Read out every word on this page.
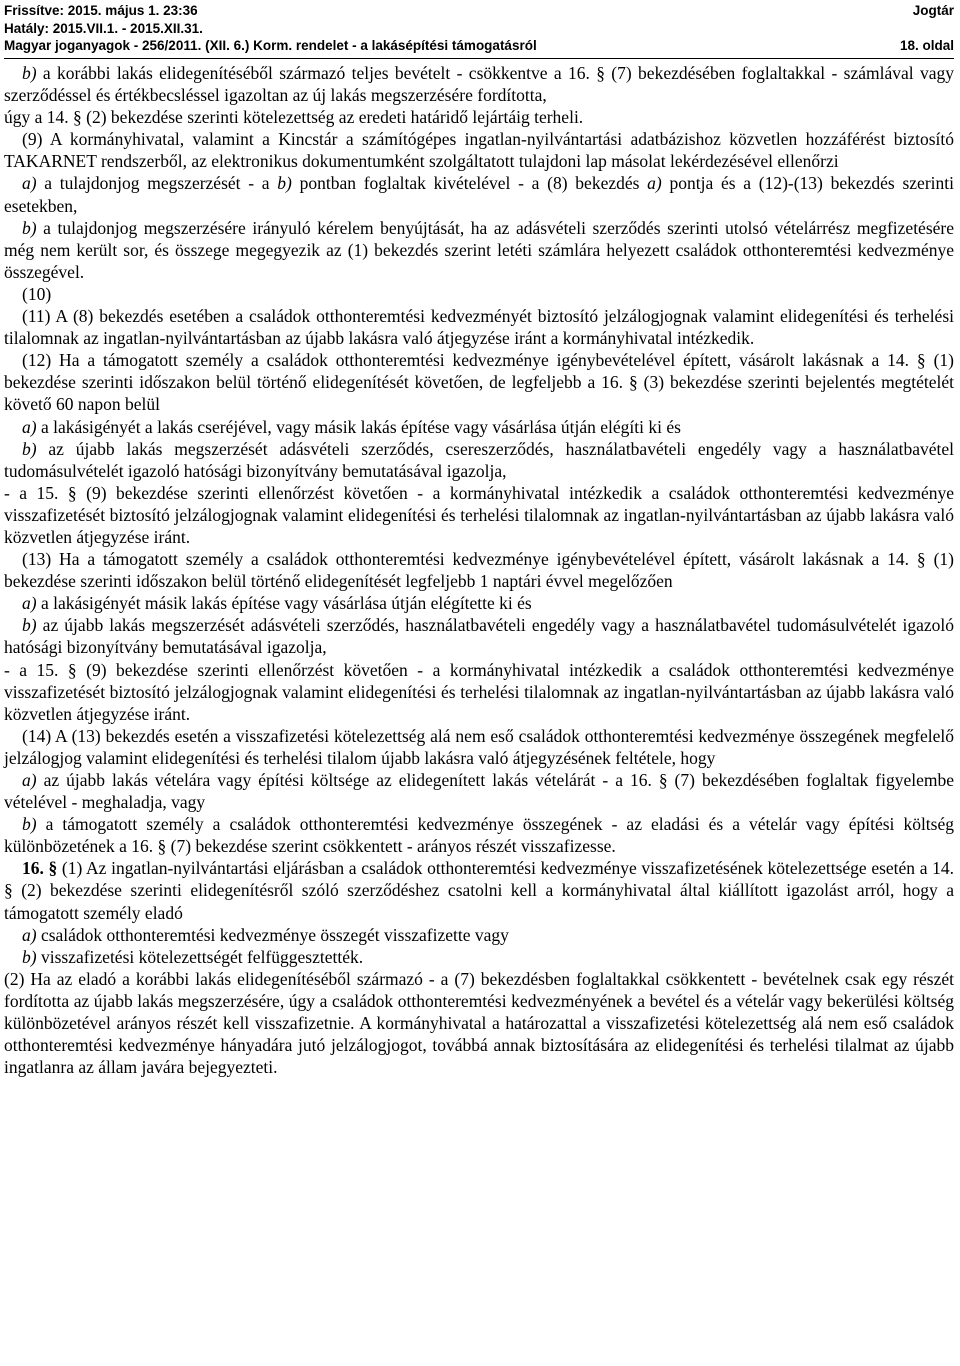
Frissítve: 2015. május 1. 23:36	Jogtár
Hatály: 2015.VII.1. - 2015.XII.31.
Magyar joganyagok - 256/2011. (XII. 6.) Korm. rendelet - a lakásépítési támogatásról	18. oldal

b) a korábbi lakás elidegenítéséből származó teljes bevételt - csökkentve a 16. § (7) bekezdésében foglaltakkal - számlával vagy szerződéssel és értékbecsléssel igazoltan az új lakás megszerzésére fordította,

úgy a 14. § (2) bekezdése szerinti kötelezettség az eredeti határidő lejártáig terheli.

(9) A kormányhivatal, valamint a Kincstár a számítógépes ingatlan-nyilvántartási adatbázishoz közvetlen hozzáférést biztosító TAKARNET rendszerből, az elektronikus dokumentumként szolgáltatott tulajdoni lap másolat lekérdezésével ellenőrzi

a) a tulajdonjog megszerzését - a b) pontban foglaltak kivételével - a (8) bekezdés a) pontja és a (12)-(13) bekezdés szerinti esetekben,

b) a tulajdonjog megszerzésére irányuló kérelem benyújtását, ha az adásvételi szerződés szerinti utolsó vételárrész megfizetésére még nem került sor, és összege megegyezik az (1) bekezdés szerint letéti számlára helyezett családok otthonteremtési kedvezménye összegével.

(10)

(11) A (8) bekezdés esetében a családok otthonteremtési kedvezményét biztosító jelzálogjognak valamint elidegenítési és terhelési tilalomnak az ingatlan-nyilvántartásban az újabb lakásra való átjegyzése iránt a kormányhivatal intézkedik.

(12) Ha a támogatott személy a családok otthonteremtési kedvezménye igénybevételével épített, vásárolt lakásnak a 14. § (1) bekezdése szerinti időszakon belül történő elidegenítését követően, de legfeljebb a 16. § (3) bekezdése szerinti bejelentés megtételét követő 60 napon belül

a) a lakásigényét a lakás cseréjével, vagy másik lakás építése vagy vásárlása útján elégíti ki és

b) az újabb lakás megszerzését adásvételi szerződés, csereszerződés, használatbavételi engedély vagy a használatbavétel tudomásulvételét igazoló hatósági bizonyítvány bemutatásával igazolja,

- a 15. § (9) bekezdése szerinti ellenőrzést követően - a kormányhivatal intézkedik a családok otthonteremtési kedvezménye visszafizetését biztosító jelzálogjognak valamint elidegenítési és terhelési tilalomnak az ingatlan-nyilvántartásban az újabb lakásra való közvetlen átjegyzése iránt.

(13) Ha a támogatott személy a családok otthonteremtési kedvezménye igénybevételével épített, vásárolt lakásnak a 14. § (1) bekezdése szerinti időszakon belül történő elidegenítését legfeljebb 1 naptári évvel megelőzően

a) a lakásigényét másik lakás építése vagy vásárlása útján elégítette ki és

b) az újabb lakás megszerzését adásvételi szerződés, használatbavételi engedély vagy a használatbavétel tudomásulvételét igazoló hatósági bizonyítvány bemutatásával igazolja,

- a 15. § (9) bekezdése szerinti ellenőrzést követően - a kormányhivatal intézkedik a családok otthonteremtési kedvezménye visszafizetését biztosító jelzálogjognak valamint elidegenítési és terhelési tilalomnak az ingatlan-nyilvántartásban az újabb lakásra való közvetlen átjegyzése iránt.

(14) A (13) bekezdés esetén a visszafizetési kötelezettség alá nem eső családok otthonteremtési kedvezménye összegének megfelelő jelzálogjog valamint elidegenítési és terhelési tilalom újabb lakásra való átjegyzésének feltétele, hogy

a) az újabb lakás vételára vagy építési költsége az elidegenített lakás vételárát - a 16. § (7) bekezdésében foglaltak figyelembe vételével - meghaladja, vagy

b) a támogatott személy a családok otthonteremtési kedvezménye összegének - az eladási és a vételár vagy építési költség különbözetének a 16. § (7) bekezdése szerint csökkentett - arányos részét visszafizesse.

16. § (1) Az ingatlan-nyilvántartási eljárásban a családok otthonteremtési kedvezménye visszafizetésének kötelezettsége esetén a 14. § (2) bekezdése szerinti elidegenítésről szóló szerződéshez csatolni kell a kormányhivatal által kiállított igazolást arról, hogy a támogatott személy eladó

a) családok otthonteremtési kedvezménye összegét visszafizette vagy

b) visszafizetési kötelezettségét felfüggesztették.

(2) Ha az eladó a korábbi lakás elidegenítéséből származó - a (7) bekezdésben foglaltakkal csökkentett - bevételnek csak egy részét fordította az újabb lakás megszerzésére, úgy a családok otthonteremtési kedvezményének a bevétel és a vételár vagy bekerülési költség különbözetével arányos részét kell visszafizetnie. A kormányhivatal a határozattal a visszafizetési kötelezettség alá nem eső családok otthonteremtési kedvezménye hányadára jutó jelzálogjogot, továbbá annak biztosítására az elidegenítési és terhelési tilalmat az újabb ingatlanra az állam javára bejegyezteti.
